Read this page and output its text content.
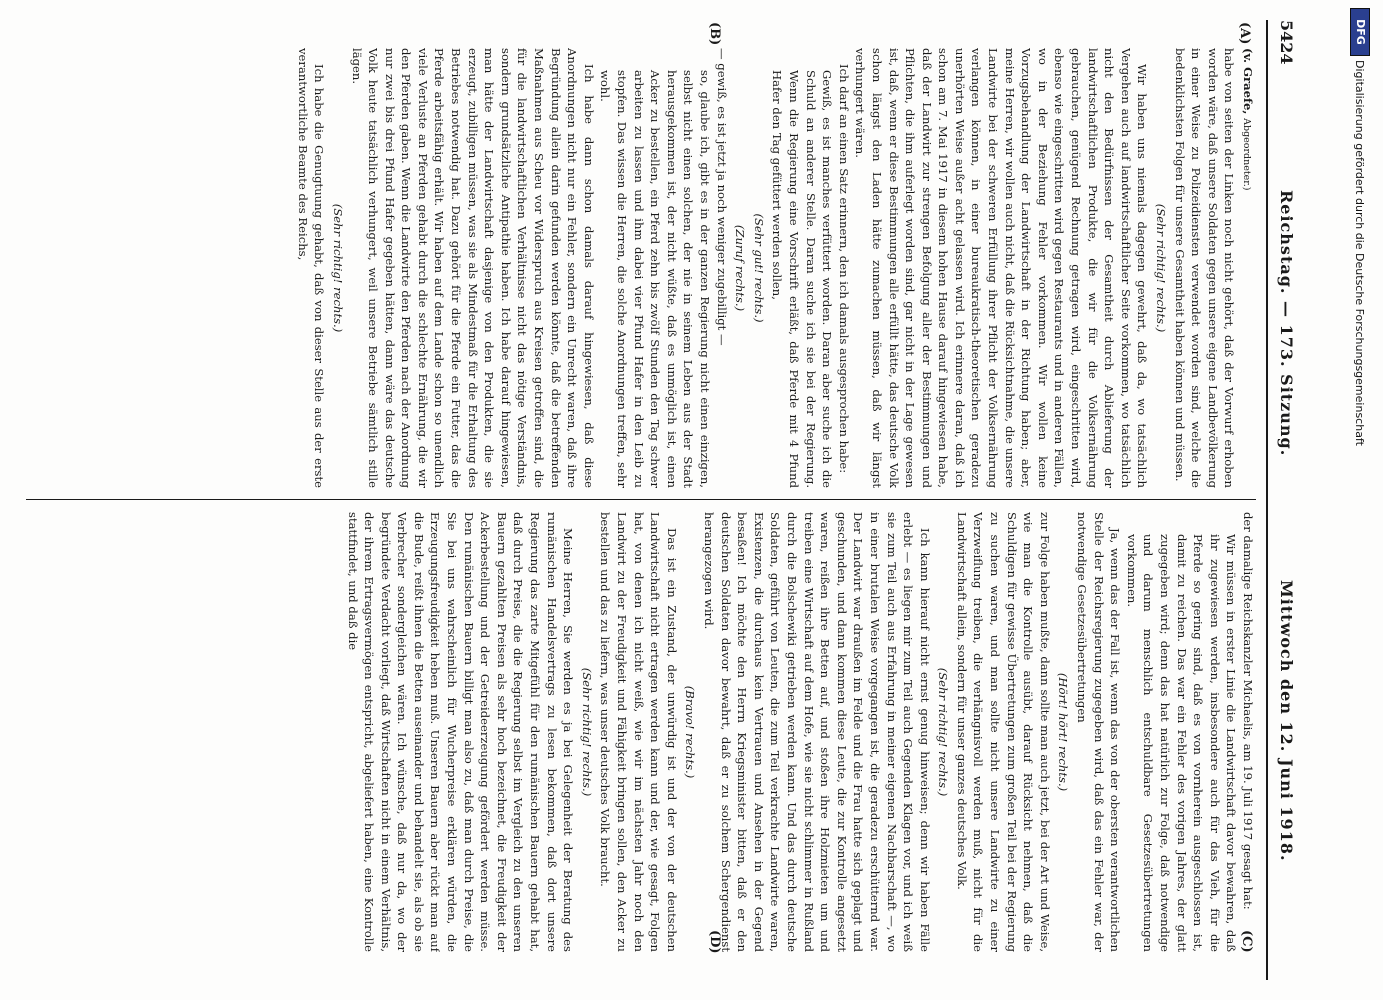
5424
Reichstag. — 173. Sitzung.
Mittwoch den 12. Juni 1918.
(A)
(B)

(v. Graefe, Abgeordneter.)

habe von seiten der Linken noch nicht gehört, daß der Vorwurf erhoben worden wäre, daß unsere Soldaten gegen unsere eigene Landbevölkerung in einer Weise zu Polizeidiensten verwendet worden sind, welche die bedenklichsten Folgen für unsere Gesamtheit haben können und müssen.

(Sehr richtig! rechts.)

Wir haben uns niemals dagegen gewehrt, daß da, wo tatsächlich Vergehen auch auf landwirtschaftlicher Seite vorkommen, wo tatsächlich nicht den Bedürfnissen der Gesamtheit durch Ablieferung der landwirtschaftlichen Produkte, die wir für die Volksernährung gebrauchen, genügend Rechnung getragen wird, eingeschritten wird, ebenso wie eingeschritten wird gegen Restaurants und in anderen Fällen, wo in der Beziehung Fehler vorkommen. Wir wollen keine Vorzugsbehandlung der Landwirtschaft in der Richtung haben; aber, meine Herren, wir wollen auch nicht, daß die Rücksichtnahme, die unsere Landwirte bei der schweren Erfüllung ihrer Pflicht der Volksernährung verlangen können, in einer bureaukratisch-theoretischen geradezu unerhörten Weise außer acht gelassen wird. Ich erinnere daran, daß ich schon am 7. Mai 1917 in diesem hohen Hause darauf hingewiesen habe, daß der Landwirt zur strengen Befolgung aller der Bestimmungen und Pflichten, die ihm auferlegt worden sind, gar nicht in der Lage gewesen ist, daß, wenn er diese Bestimmungen alle erfüllt hätte, das deutsche Volk schon längst den Laden hätte zumachen müssen, daß wir längst verhungert wären.

Ich darf an einen Satz erinnern, den ich damals ausgesprochen habe:

Gewiß, es ist manches verfüttert worden. Daran aber suche ich die Schuld an anderer Stelle. Daran suche ich sie bei der Regierung. Wenn die Regierung eine Vorschrift erläßt, daß Pferde mit 4 Pfund Hafer den Tag gefüttert werden sollen,

(Sehr gut! rechts.)

(Zuruf rechts.)

— gewiß, es ist jetzt ja noch weniger zugebilligt —

so, glaube ich, gibt es in der ganzen Regierung nicht einen einzigen, selbst nicht einen solchen, der nie in seinem Leben aus der Stadt herausgekommen ist, der nicht wüßte, daß es unmöglich ist, einen Acker zu bestellen, ein Pferd zehn bis zwölf Stunden den Tag schwer arbeiten zu lassen und ihm dabei vier Pfund Hafer in den Leib zu stopfen. Das wissen die Herren, die solche Anordnungen treffen, sehr wohl.

Ich habe dann schon damals darauf hingewiesen, daß diese Anordnungen nicht nur ein Fehler, sondern ein Unrecht waren, daß ihre Begründung allein darin gefunden werden könnte, daß die betreffenden Maßnahmen aus Scheu vor Widerspruch aus Kreisen getroffen sind, die für die landwirtschaftlichen Verhältnisse nicht das nötige Verständnis, sondern grundsätzliche Antipathie haben. Ich habe darauf hingewiesen, man hätte der Landwirtschaft dasjenige von den Produkten, die sie erzeugt, zubilligen müssen, was sie als Mindestmaß für die Erhaltung des Betriebes notwendig hat. Dazu gehört für die Pferde ein Futter, das die Pferde arbeitsfähig erhält. Wir haben auf dem Lande schon so unendlich viele Verluste an Pferden gehabt durch die schlechte Ernährung, die wir den Pferden gaben. Wenn die Landwirte den Pferden nach der Anordnung nur zwei bis drei Pfund Hafer gegeben hätten, dann wäre das deutsche Volk heute tatsächlich verhungert, weil unsere Betriebe sämtlich stille lägen.

(Sehr richtig! rechts.)

Ich habe die Genugtuung gehabt, daß von dieser Stelle aus der erste verantwortliche Beamte des Reichs,

der damalige Reichskanzler Michaelis, am 19. Juli 1917 gesagt hat:

Wir müssen in erster Linie die Landwirtschaft davor bewahren, daß ihr zugewiesen werden, insbesondere auch für das Vieh, für die Pferde so gering sind, daß es von vornherein ausgeschlossen ist, damit zu reichen. Das war ein Fehler des vorigen Jahres, der glatt zugegeben wird; denn das hat natürlich zur Folge, daß notwendige und darum menschlich entschuldbare Gesetzesübertretungen vorkommen.

Ja, wenn das der Fall ist, wenn das von der obersten verantwortlichen Stelle der Reichsregierung zugegeben wird, daß das ein Fehler war, der notwendige Gesetzesübertretungen

(Hört! hört! rechts.)

zur Folge haben mußte, dann sollte man auch jetzt, bei der Art und Weise, wie man die Kontrolle ausübt, darauf Rücksicht nehmen, daß die Schuldigen für gewisse Übertretungen zum großen Teil bei der Regierung zu suchen waren, und man sollte nicht unsere Landwirte zu einer Verzweiflung treiben, die verhängnisvoll werden muß, nicht für die Landwirtschaft allein, sondern für unser ganzes deutsches Volk.

(Sehr richtig! rechts.)

Ich kann hierauf nicht ernst genug hinweisen; denn wir haben Fälle erlebt — es liegen mir zum Teil auch Gegenden Klagen vor, und ich weiß sie zum Teil auch aus Erfahrung in meiner eigenen Nachbarschaft —, wo in einer brutalen Weise vorgegangen ist, die geradezu erschütternd war. Der Landwirt war draußen im Felde und die Frau hatte sich geplagt und geschunden, und dann kommen diese Leute, die zur Kontrolle angesetzt waren, reißen ihre Betten auf, und stoßen ihre Holzmieten um und treiben eine Wirtschaft auf dem Hofe, wie sie nicht schlimmer in Rußland durch die Bolschewiki getrieben werden kann. Und das durch deutsche Soldaten, geführt von Leuten, die zum Teil verkrachte Landwirte waren, Existenzen, die durchaus kein Vertrauen und Ansehen in der Gegend besaßen! Ich möchte den Herrn Kriegsminister bitten, daß er den deutschen Soldaten davor bewahrt, daß er zu solchem Schergendienst herangezogen wird.

(Bravo! rechts.)

Das ist ein Zustand, der unwürdig ist und der von der deutschen Landwirtschaft nicht ertragen werden kann und der, wie gesagt, Folgen hat, von denen ich nicht weiß, wie wir im nächsten Jahr noch den Landwirt zu der Freudigkeit und Fähigkeit bringen sollen, den Acker zu bestellen und das zu liefern, was unser deutsches Volk braucht.

(Sehr richtig! rechts.)

Meine Herren, Sie werden es ja bei Gelegenheit der Beratung des rumänischen Handelsvertrags zu lesen bekommen, daß dort unsere Regierung das zarte Mitgefühl für den rumänischen Bauern gehabt hat, daß durch Preise, die die Regierung selbst im Vergleich zu den unseren Bauern gezahlten Preisen als sehr hoch bezeichnet, die Freudigkeit der Ackerbestellung und der Getreideerzeugung gefördert werden müsse. Den rumänischen Bauern billigt man also zu, daß man durch Preise, die Sie bei uns wahrscheinlich für Wucherpreise erklären würden, die Erzeugungsfreudigkeit heben muß. Unseren Bauern aber rückt man auf die Bude, reißt ihnen die Betten auseinander und behandelt sie, als ob sie Verbrecher sondergleichen wären. Ich wünsche, daß nur da, wo der begründete Verdacht vorliegt, daß Wirtschaften nicht in einem Verhältnis, der ihrem Ertragsvermögen entspricht, abgeliefert haben, eine Kontrolle stattfindet, und daß die

(C)
(D)
DFG
Digitalisierung gefördert durch die Deutsche Forschungsgemeinschaft
